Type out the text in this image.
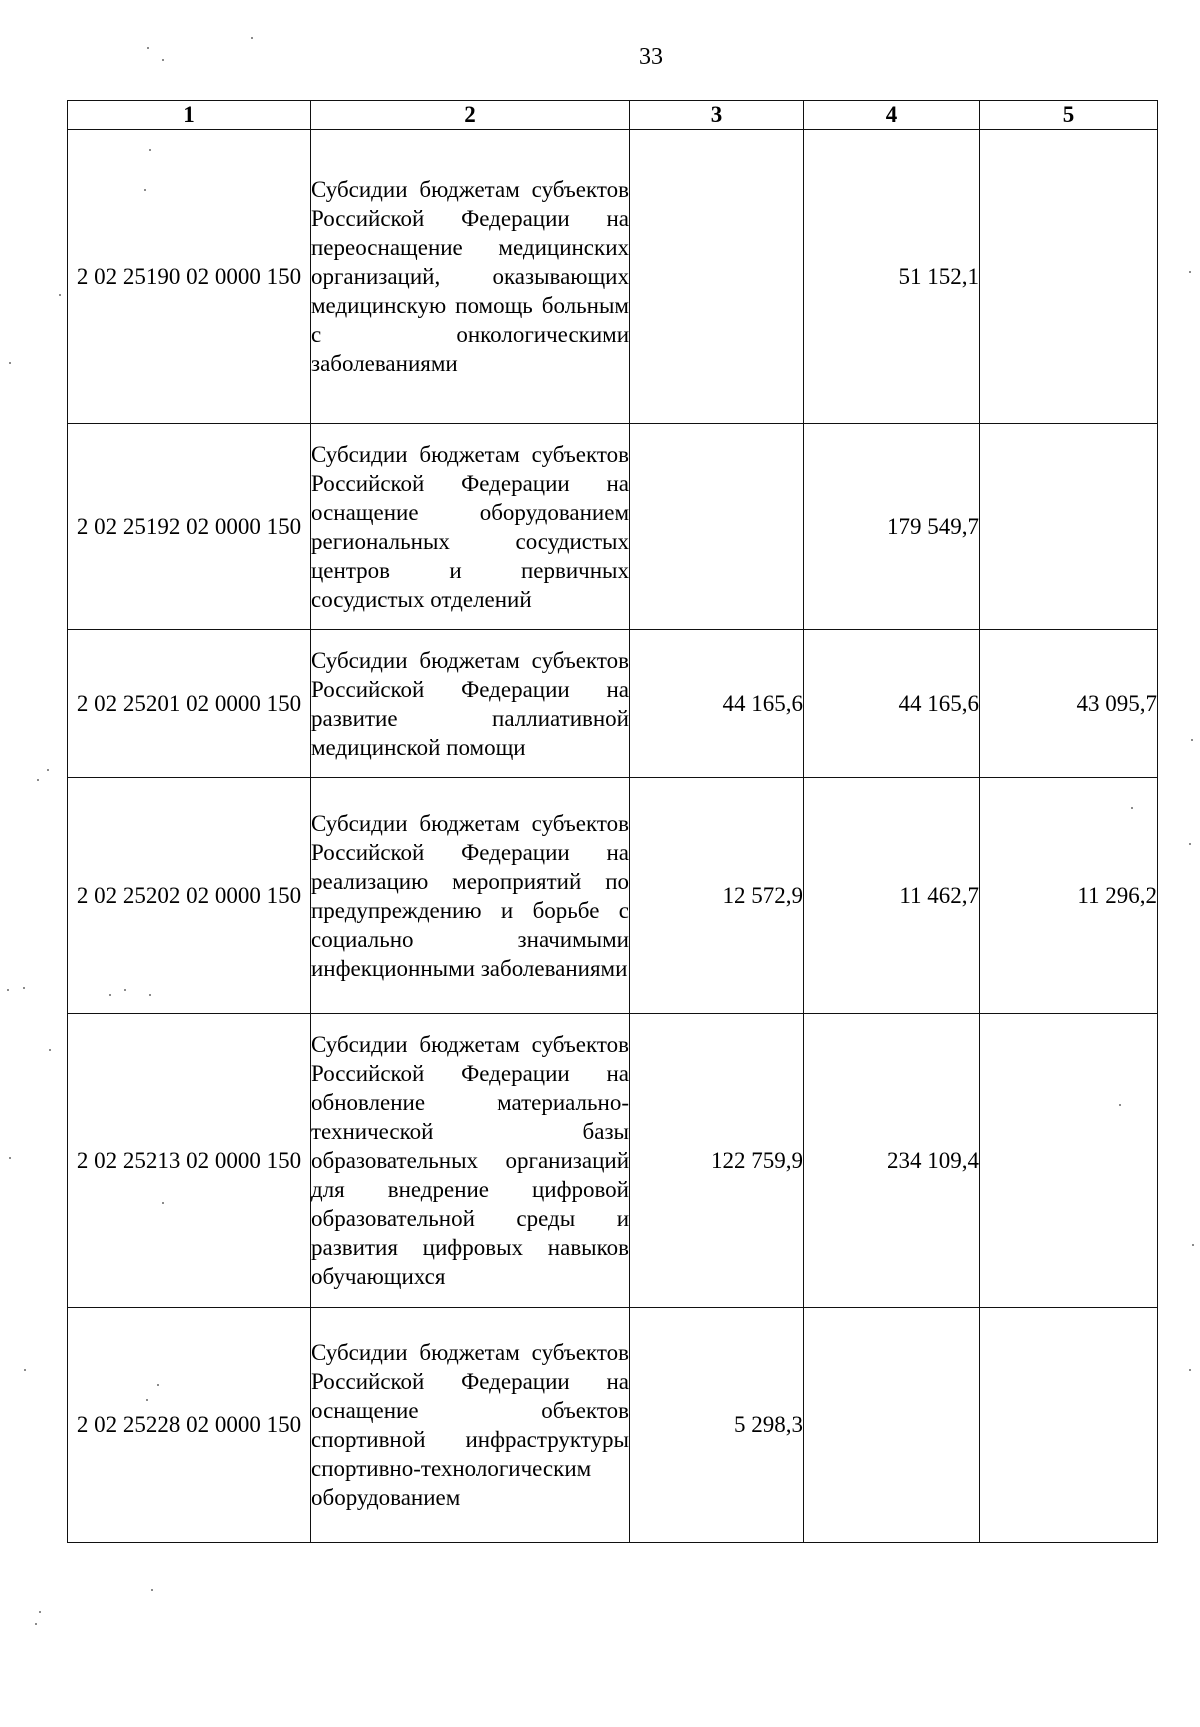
33
1	2	3	4	5
2 02 25190 02 0000 150	Субсидии бюджетам субъектов Российской Федерации на переоснащение медицинских организаций, оказывающих медицинскую помощь больным с онкологическими заболеваниями		51 152,1	
2 02 25192 02 0000 150	Субсидии бюджетам субъектов Российской Федерации на оснащение оборудованием региональных сосудистых центров и первичных сосудистых отделений		179 549,7	
2 02 25201 02 0000 150	Субсидии бюджетам субъектов Российской Федерации на развитие паллиативной медицинской помощи	44 165,6	44 165,6	43 095,7
2 02 25202 02 0000 150	Субсидии бюджетам субъектов Российской Федерации на реализацию мероприятий по предупреждению и борьбе с социально значимыми инфекционными заболеваниями	12 572,9	11 462,7	11 296,2
2 02 25213 02 0000 150	Субсидии бюджетам субъектов Российской Федерации на обновление материально-технической базы образовательных организаций для внедрение цифровой образовательной среды и развития цифровых навыков обучающихся	122 759,9	234 109,4	
2 02 25228 02 0000 150	Субсидии бюджетам субъектов Российской Федерации на оснащение объектов спортивной инфраструктуры спортивно-технологическим оборудованием	5 298,3		
